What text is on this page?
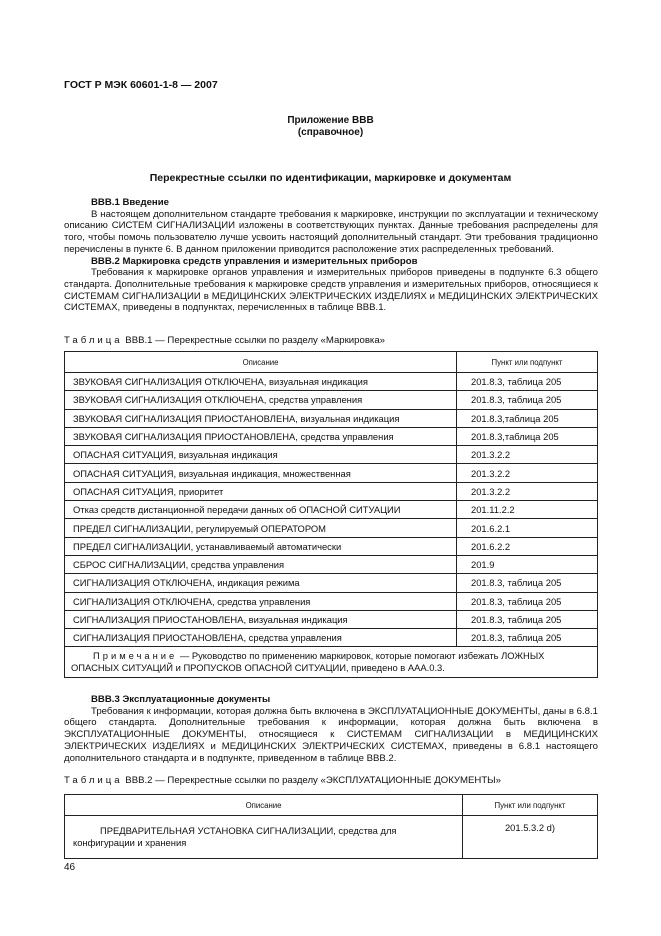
ГОСТ Р МЭК 60601-1-8 — 2007
Приложение ВВВ
(справочное)
Перекрестные ссылки по идентификации, маркировке и документам
ВВВ.1 Введение

В настоящем дополнительном стандарте требования к маркировке, инструкции по эксплуатации и техническому описанию СИСТЕМ СИГНАЛИЗАЦИИ изложены в соответствующих пунктах. Данные требования распределены для того, чтобы помочь пользователю лучше усвоить настоящий дополнительный стандарт. Эти требования традиционно перечислены в пункте 6. В данном приложении приводится расположение этих распределенных требований.

ВВВ.2 Маркировка средств управления и измерительных приборов

Требования к маркировке органов управления и измерительных приборов приведены в подпункте 6.3 общего стандарта. Дополнительные требования к маркировке средств управления и измерительных приборов, относящиеся к СИСТЕМАМ СИГНАЛИЗАЦИИ в МЕДИЦИНСКИХ ЭЛЕКТРИЧЕСКИХ ИЗДЕЛИЯХ и МЕДИЦИНСКИХ ЭЛЕКТРИЧЕСКИХ СИСТЕМАХ, приведены в подпунктах, перечисленных в таблице ВВВ.1.

Таблица ВВВ.1 — Перекрестные ссылки по разделу «Маркировка»
Описание	Пункт или подпункт
ЗВУКОВАЯ СИГНАЛИЗАЦИЯ ОТКЛЮЧЕНА, визуальная индикация	201.8.3, таблица 205
ЗВУКОВАЯ СИГНАЛИЗАЦИЯ ОТКЛЮЧЕНА, средства управления	201.8.3, таблица 205
ЗВУКОВАЯ СИГНАЛИЗАЦИЯ ПРИОСТАНОВЛЕНА, визуальная индикация	201.8.3,таблица 205
ЗВУКОВАЯ СИГНАЛИЗАЦИЯ ПРИОСТАНОВЛЕНА, средства управления	201.8.3,таблица 205
ОПАСНАЯ СИТУАЦИЯ, визуальная индикация	201.3.2.2
ОПАСНАЯ СИТУАЦИЯ, визуальная индикация, множественная	201.3.2.2
ОПАСНАЯ СИТУАЦИЯ, приоритет	201.3.2.2
Отказ средств дистанционной передачи данных об ОПАСНОЙ СИТУАЦИИ	201.11.2.2
ПРЕДЕЛ СИГНАЛИЗАЦИИ, регулируемый ОПЕРАТОРОМ	201.6.2.1
ПРЕДЕЛ СИГНАЛИЗАЦИИ, устанавливаемый автоматически	201.6.2.2
СБРОС СИГНАЛИЗАЦИИ, средства управления	201.9
СИГНАЛИЗАЦИЯ ОТКЛЮЧЕНА, индикация режима	201.8.3, таблица 205
СИГНАЛИЗАЦИЯ ОТКЛЮЧЕНА, средства управления	201.8.3, таблица 205
СИГНАЛИЗАЦИЯ ПРИОСТАНОВЛЕНА, визуальная индикация	201.8.3, таблица 205
СИГНАЛИЗАЦИЯ ПРИОСТАНОВЛЕНА, средства управления	201.8.3, таблица 205
Примечание — Руководство по применению маркировок, которые помогают избежать ЛОЖНЫХ ОПАСНЫХ СИТУАЦИЙ и ПРОПУСКОВ ОПАСНОЙ СИТУАЦИИ, приведено в ААА.0.3.	
ВВВ.3 Эксплуатационные документы

Требования к информации, которая должна быть включена в ЭКСПЛУАТАЦИОННЫЕ ДОКУМЕНТЫ, даны в 6.8.1 общего стандарта. Дополнительные требования к информации, которая должна быть включена в ЭКСПЛУАТАЦИОННЫЕ ДОКУМЕНТЫ, относящиеся к СИСТЕМАМ СИГНАЛИЗАЦИИ в МЕДИЦИНСКИХ ЭЛЕКТРИЧЕСКИХ ИЗДЕЛИЯХ и МЕДИЦИНСКИХ ЭЛЕКТРИЧЕСКИХ СИСТЕМАХ, приведены в 6.8.1 настоящего дополнительного стандарта и в подпункте, приведенном в таблице ВВВ.2.

Таблица ВВВ.2 — Перекрестные ссылки по разделу «ЭКСПЛУАТАЦИОННЫЕ ДОКУМЕНТЫ»
Описание	Пункт или подпункт
ПРЕДВАРИТЕЛЬНАЯ УСТАНОВКА СИГНАЛИЗАЦИИ, средства для конфигурации и хранения	201.5.3.2 d)
46
